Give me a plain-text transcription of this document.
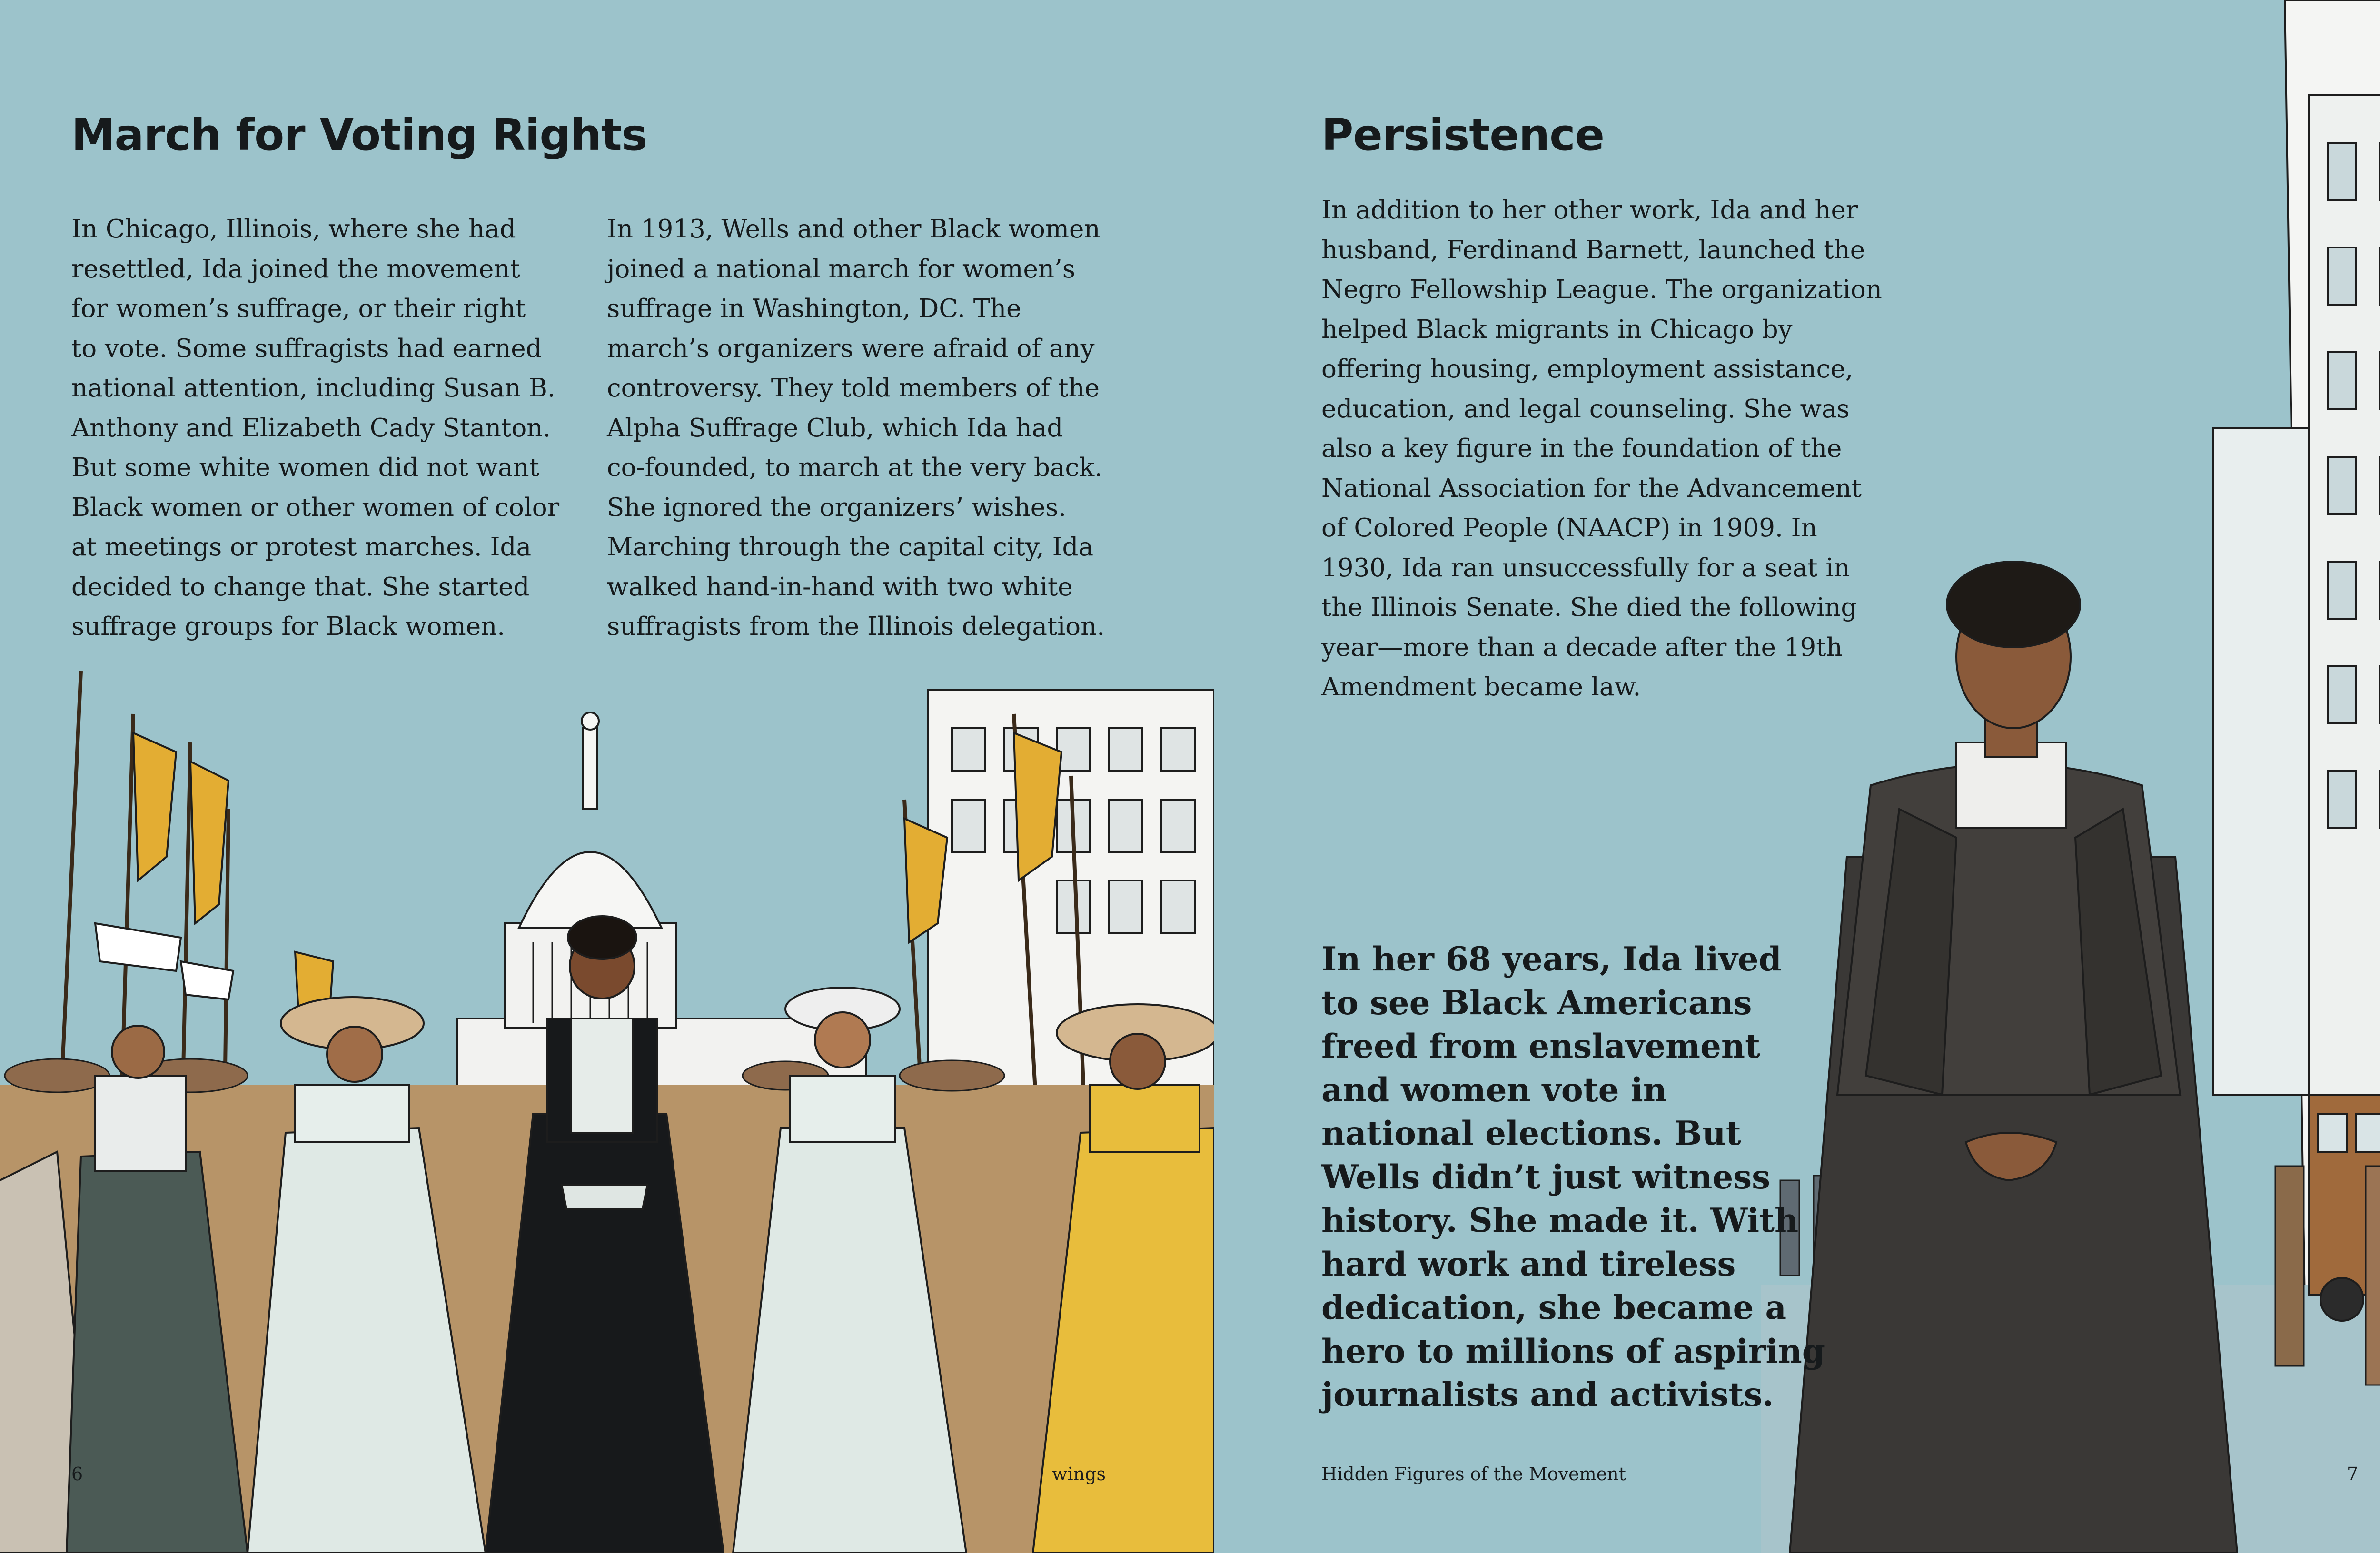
March for Voting Rights

In Chicago, Illinois, where she had
resettled, Ida joined the movement
for women’s suffrage, or their right
to vote. Some suffragists had earned
national attention, including Susan B.
Anthony and Elizabeth Cady Stanton.
But some white women did not want
Black women or other women of color
at meetings or protest marches. Ida
decided to change that. She started
suffrage groups for Black women.

In 1913, Wells and other Black women
joined a national march for women’s
suffrage in Washington, DC. The
march’s organizers were afraid of any
controversy. They told members of the
Alpha Suffrage Club, which Ida had
co-founded, to march at the very back.
She ignored the organizers’ wishes.
Marching through the capital city, Ida
walked hand-in-hand with two white
suffragists from the Illinois delegation.

6	wings

Persistence

In addition to her other work, Ida and her
husband, Ferdinand Barnett, launched the
Negro Fellowship League. The organization
helped Black migrants in Chicago by
offering housing, employment assistance,
education, and legal counseling. She was
also a key figure in the foundation of the
National Association for the Advancement
of Colored People (NAACP) in 1909. In
1930, Ida ran unsuccessfully for a seat in
the Illinois Senate. She died the following
year—more than a decade after the 19th
Amendment became law.

In her 68 years, Ida lived
to see Black Americans
freed from enslavement
and women vote in
national elections. But
Wells didn’t just witness
history. She made it. With
hard work and tireless
dedication, she became a
hero to millions of aspiring
journalists and activists.

Hidden Figures of the Movement	7
